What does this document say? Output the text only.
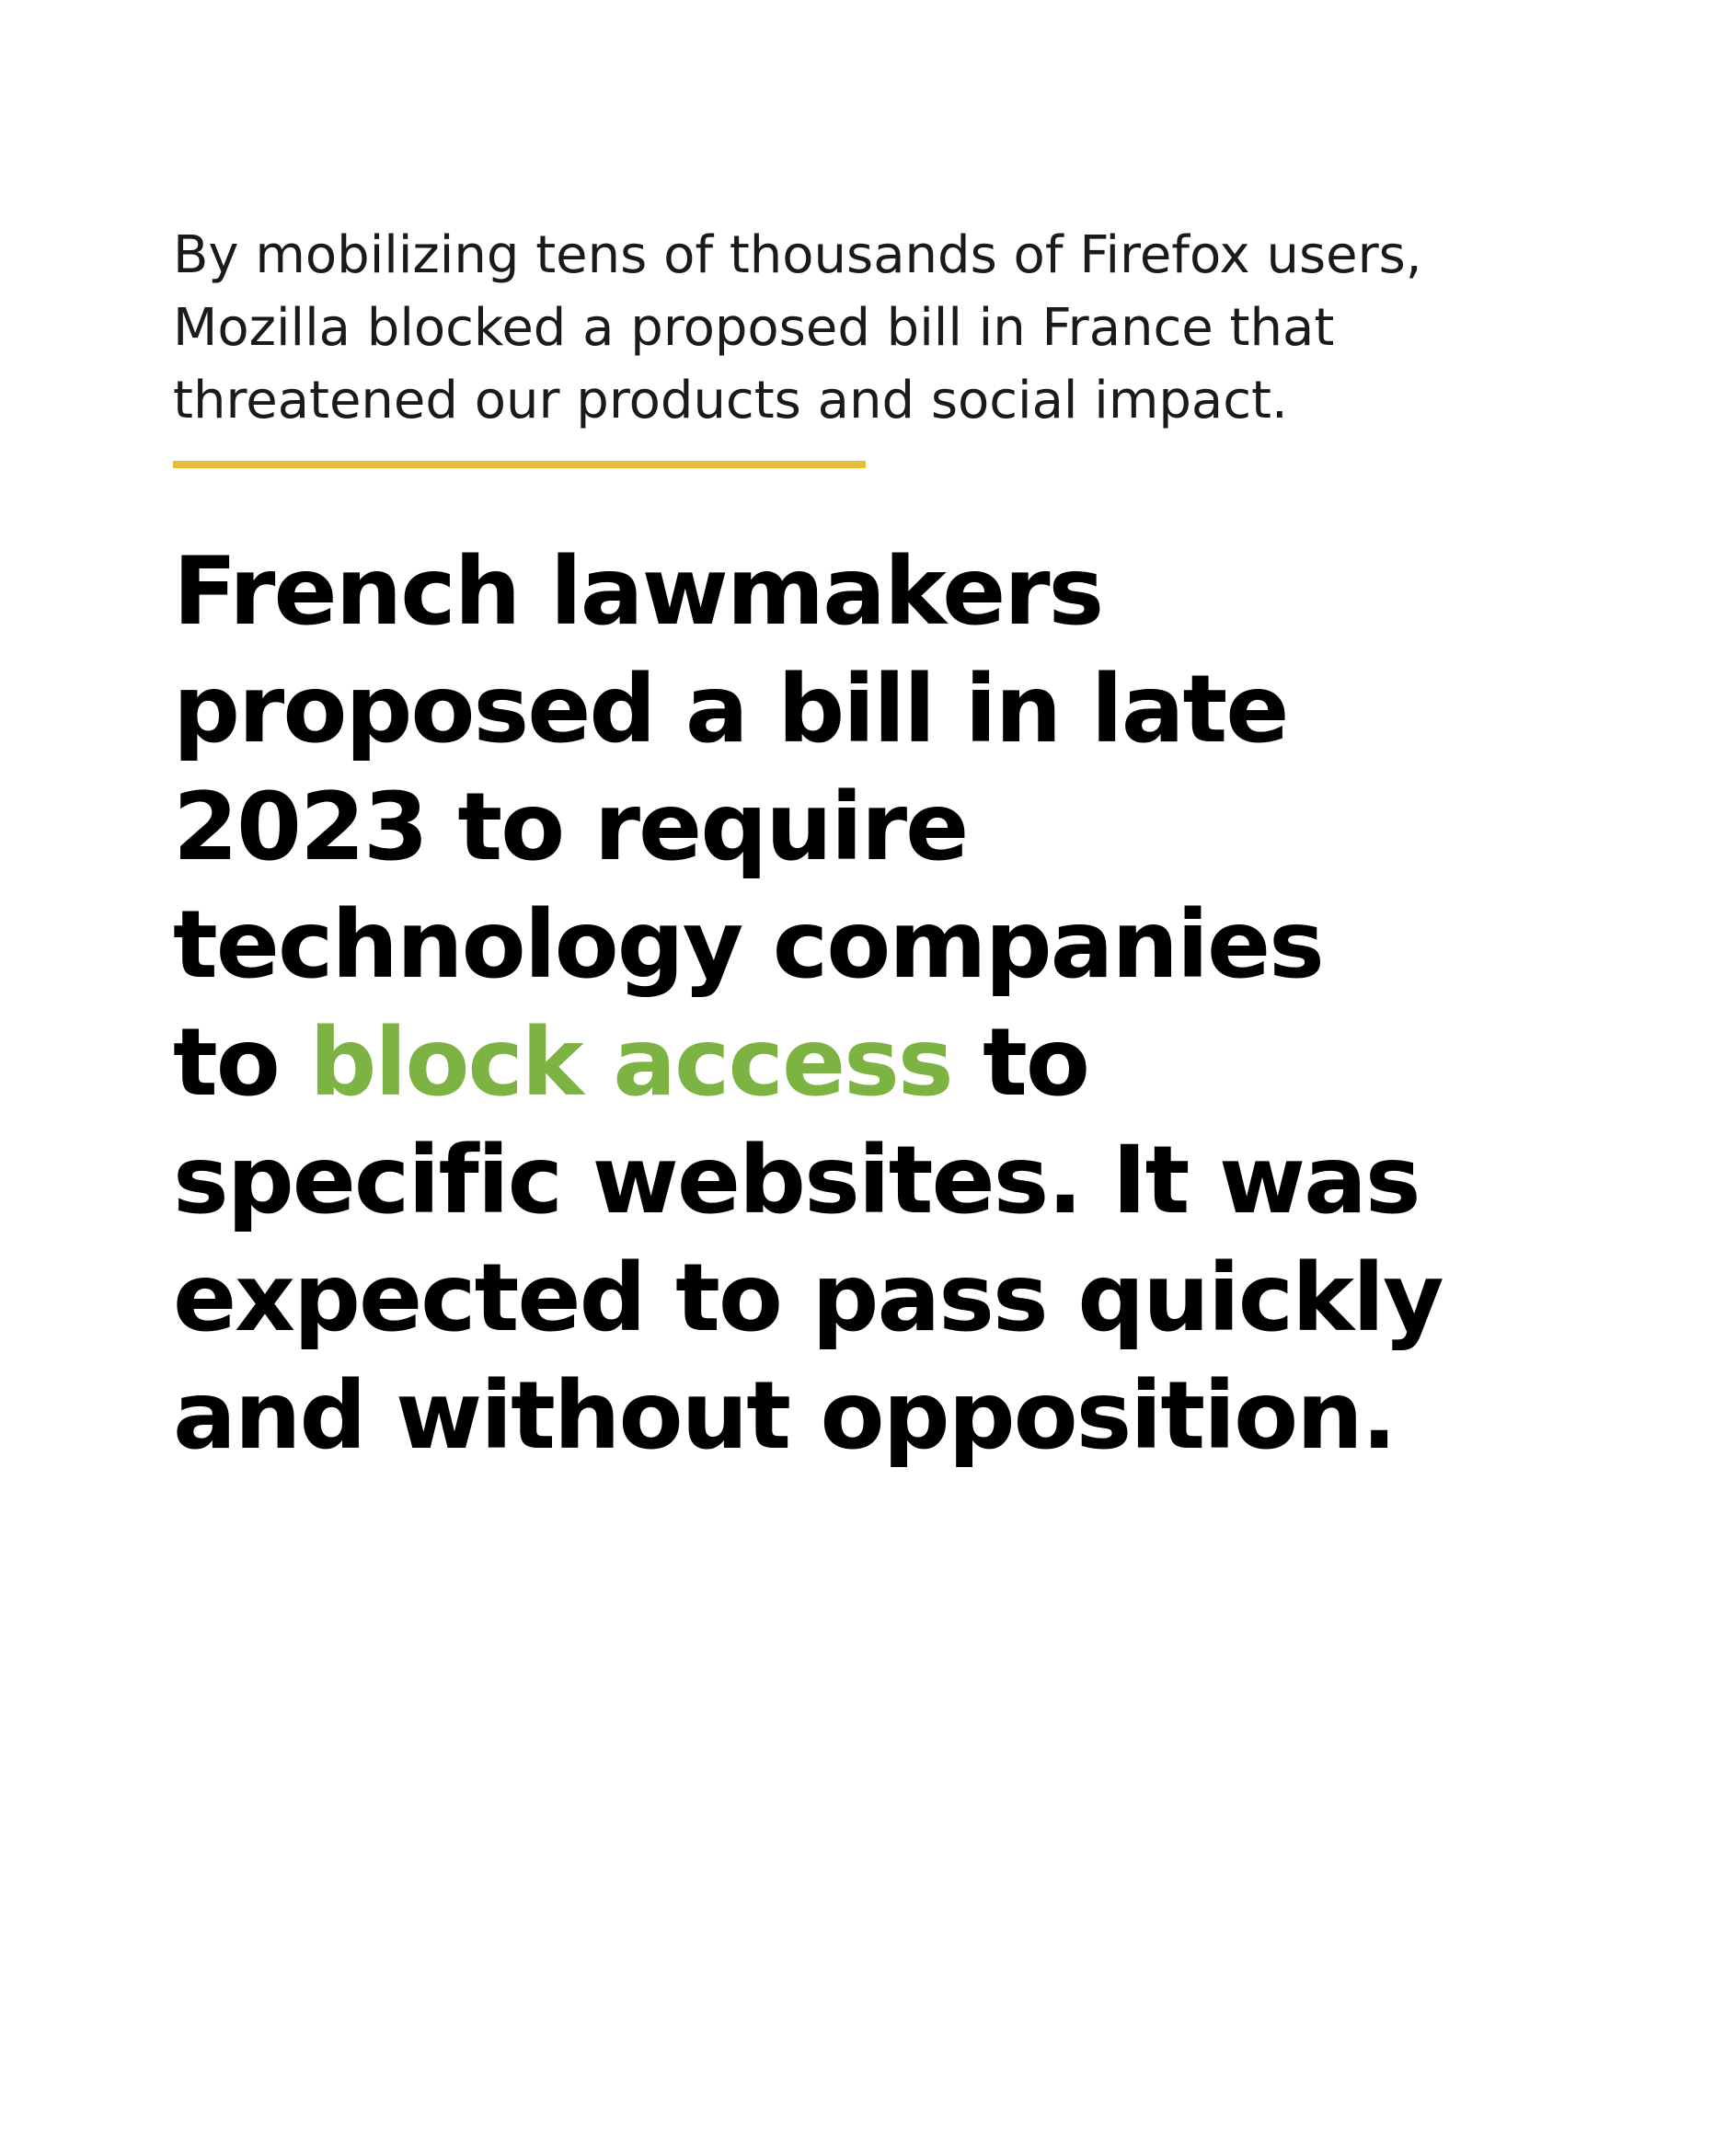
By mobilizing tens of thousands of Firefox users,
Mozilla blocked a proposed bill in France that
threatened our products and social impact.

French lawmakers
proposed a bill in late
2023 to require
technology companies
to block access to
specific websites. It was
expected to pass quickly
and without opposition.
